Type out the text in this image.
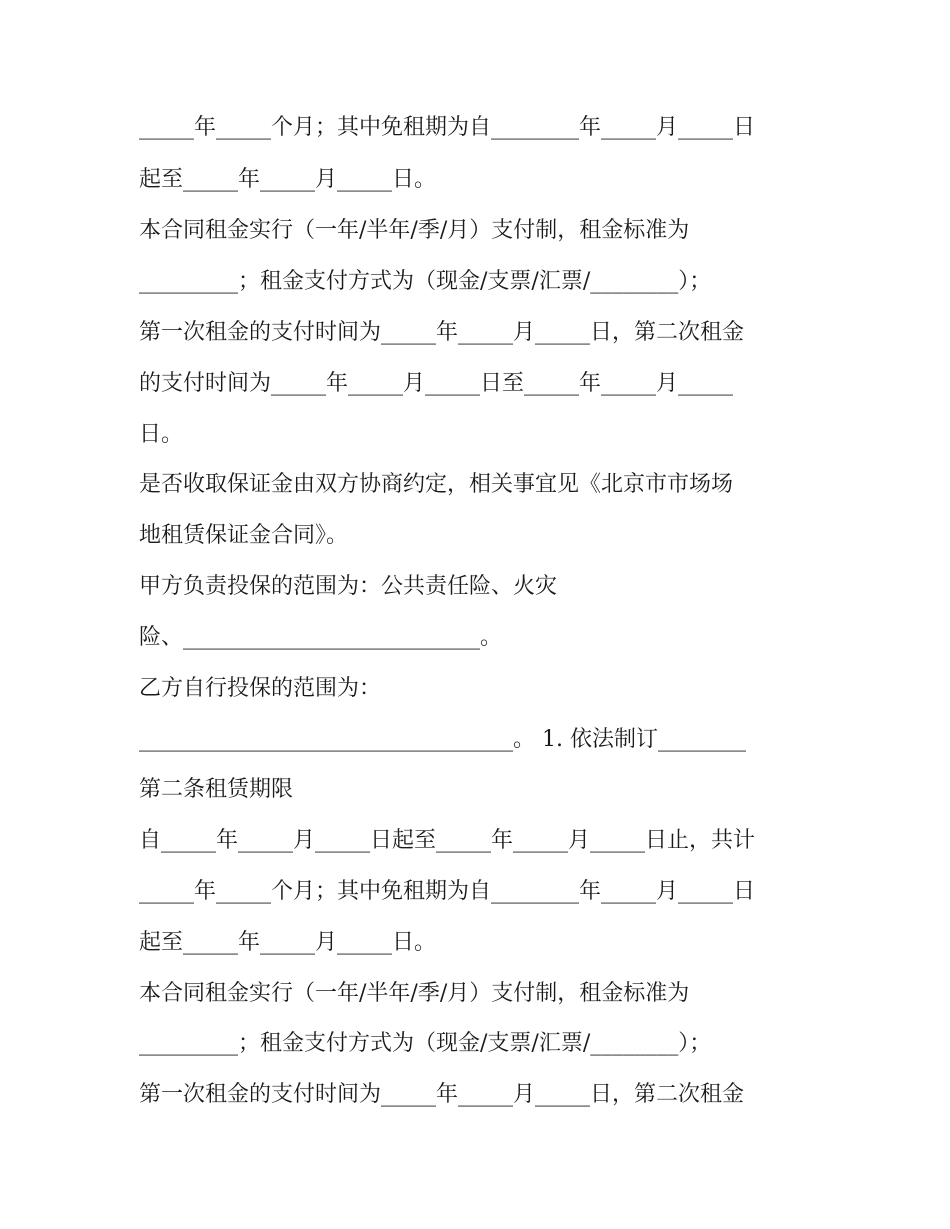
_____年_____个月；其中免租期为自________年_____月_____日
起至_____年_____月_____日。
本合同租金实行（一年/半年/季/月）支付制，租金标准为
_________；租金支付方式为（现金/支票/汇票/________）；
第一次租金的支付时间为_____年_____月_____日，第二次租金
的支付时间为_____年_____月_____日至_____年_____月_____
日。
是否收取保证金由双方协商约定，相关事宜见《北京市市场场
地租赁保证金合同》。
甲方负责投保的范围为：公共责任险、火灾
险、___________________________。
乙方自行投保的范围为：
__________________________________。 1. 依法制订________
第二条租赁期限
自_____年_____月_____日起至_____年_____月_____日止，共计
_____年_____个月；其中免租期为自________年_____月_____日
起至_____年_____月_____日。
本合同租金实行（一年/半年/季/月）支付制，租金标准为
_________；租金支付方式为（现金/支票/汇票/________）；
第一次租金的支付时间为_____年_____月_____日，第二次租金
